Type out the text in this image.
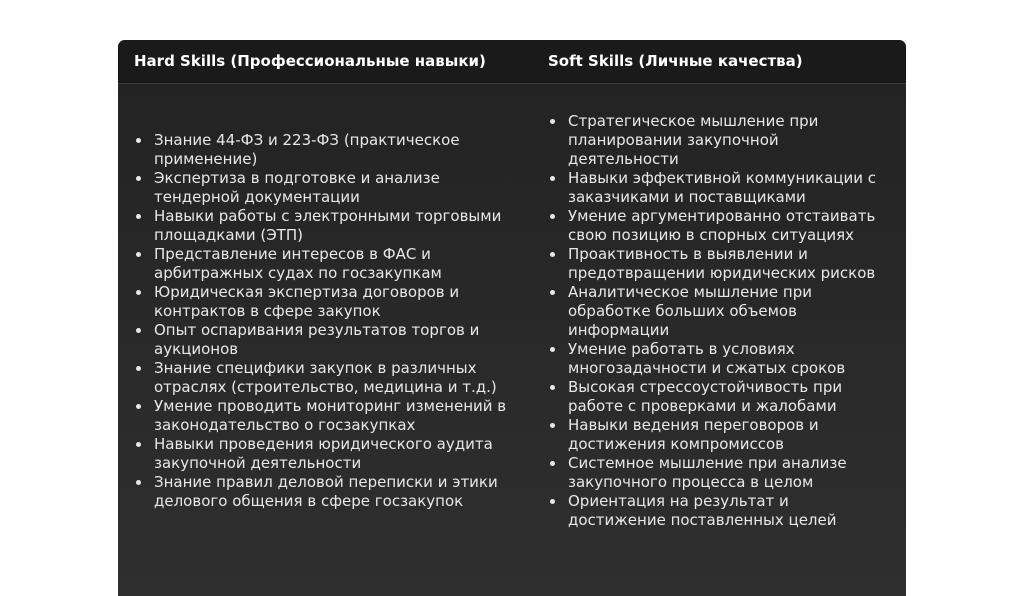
Hard Skills (Профессиональные навыки)	Soft Skills (Личные качества)
Знание 44-ФЗ и 223-ФЗ (практическое применение)
Экспертиза в подготовке и анализе тендерной документации
Навыки работы с электронными торговыми площадками (ЭТП)
Представление интересов в ФАС и арбитражных судах по госзакупкам
Юридическая экспертиза договоров и контрактов в сфере закупок
Опыт оспаривания результатов торгов и аукционов
Знание специфики закупок в различных отраслях (строительство, медицина и т.д.)
Умение проводить мониторинг изменений в законодательство о госзакупках
Навыки проведения юридического аудита закупочной деятельности
Знание правил деловой переписки и этики делового общения в сфере госзакупок
Стратегическое мышление при планировании закупочной деятельности
Навыки эффективной коммуникации с заказчиками и поставщиками
Умение аргументированно отстаивать свою позицию в спорных ситуациях
Проактивность в выявлении и предотвращении юридических рисков
Аналитическое мышление при обработке больших объемов информации
Умение работать в условиях многозадачности и сжатых сроков
Высокая стрессоустойчивость при работе с проверками и жалобами
Навыки ведения переговоров и достижения компромиссов
Системное мышление при анализе закупочного процесса в целом
Ориентация на результат и достижение поставленных целей
